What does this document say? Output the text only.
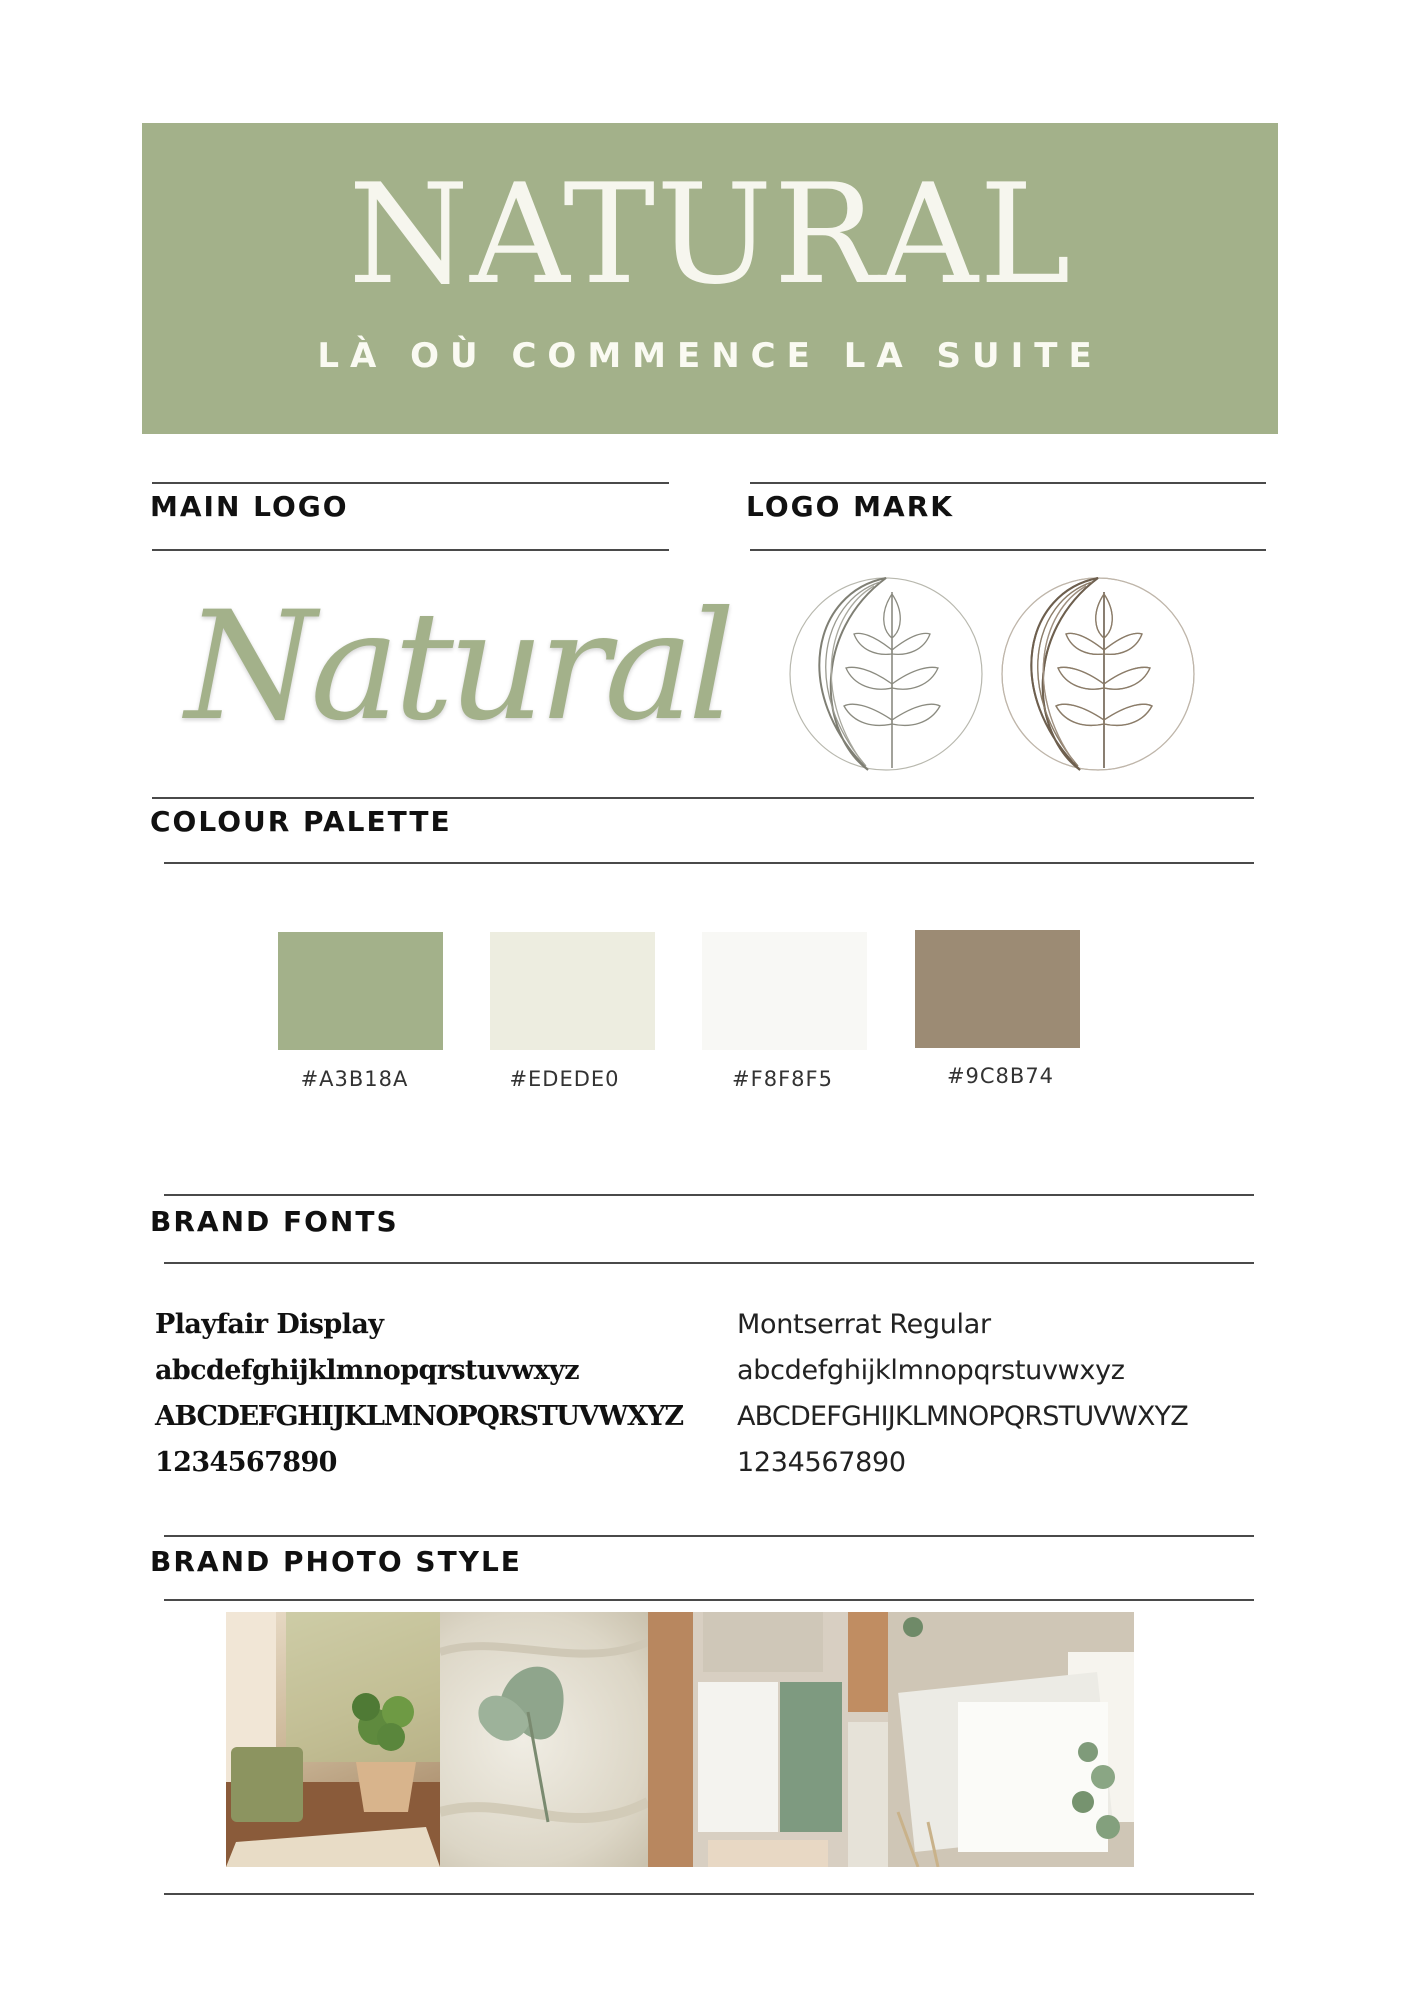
NATURAL
LÀ OÙ COMMENCE LA SUITE
MAIN LOGO
Natural
LOGO MARK
COLOUR PALETTE
#A3B18A	#EDEDE0	#F8F8F5	#9C8B74
BRAND FONTS
Playfair Display
abcdefghijklmnopqrstuvwxyz
ABCDEFGHIJKLMNOPQRSTUVWXYZ
1234567890
Montserrat Regular
abcdefghijklmnopqrstuvwxyz
ABCDEFGHIJKLMNOPQRSTUVWXYZ
1234567890
BRAND PHOTO STYLE
